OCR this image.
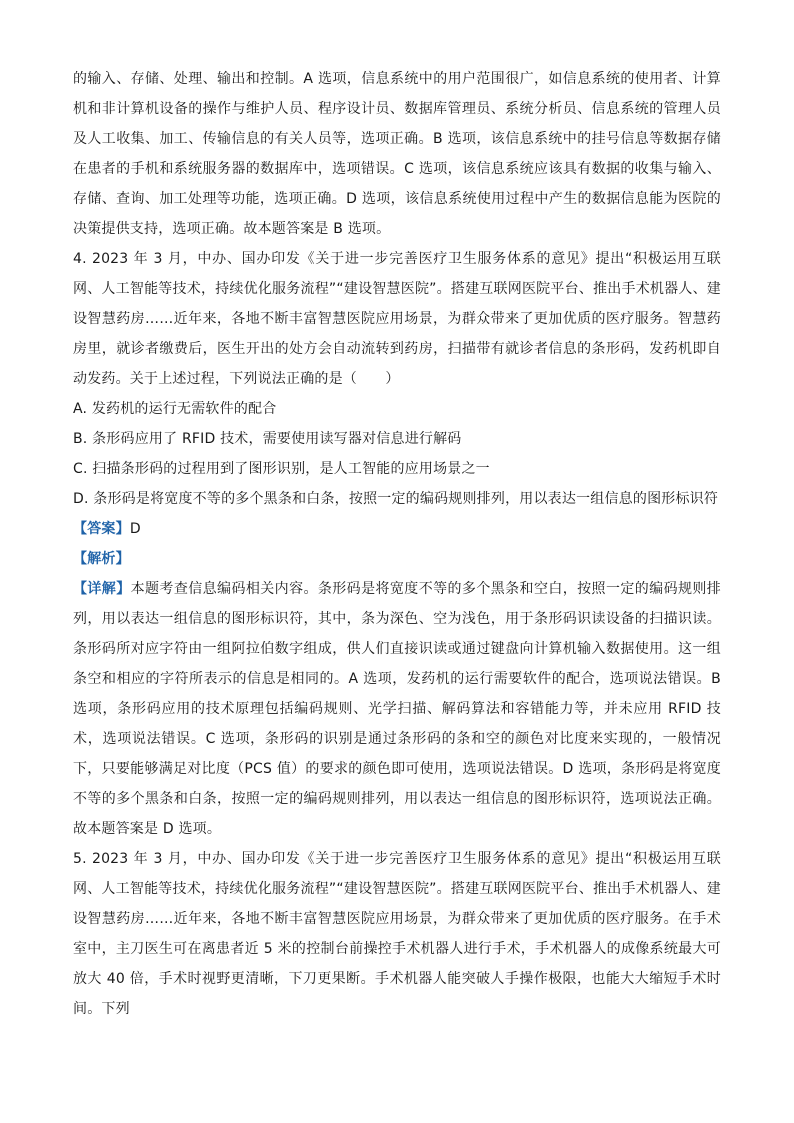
的输入、存储、处理、输出和控制。A 选项，信息系统中的用户范围很广，如信息系统的使用者、计算机和非计算机设备的操作与维护人员、程序设计员、数据库管理员、系统分析员、信息系统的管理人员及人工收集、加工、传输信息的有关人员等，选项正确。B 选项，该信息系统中的挂号信息等数据存储在患者的手机和系统服务器的数据库中，选项错误。C 选项，该信息系统应该具有数据的收集与输入、存储、查询、加工处理等功能，选项正确。D 选项，该信息系统使用过程中产生的数据信息能为医院的决策提供支持，选项正确。故本题答案是 B 选项。

4. 2023 年 3 月，中办、国办印发《关于进一步完善医疗卫生服务体系的意见》提出“积极运用互联网、人工智能等技术，持续优化服务流程”“建设智慧医院”。搭建互联网医院平台、推出手术机器人、建设智慧药房……近年来，各地不断丰富智慧医院应用场景，为群众带来了更加优质的医疗服务。智慧药房里，就诊者缴费后，医生开出的处方会自动流转到药房，扫描带有就诊者信息的条形码，发药机即自动发药。关于上述过程，下列说法正确的是（　　）

A. 发药机的运行无需软件的配合

B. 条形码应用了 RFID 技术，需要使用读写器对信息进行解码

C. 扫描条形码的过程用到了图形识别，是人工智能的应用场景之一

D. 条形码是将宽度不等的多个黑条和白条，按照一定的编码规则排列，用以表达一组信息的图形标识符

【答案】D

【解析】

【详解】本题考查信息编码相关内容。条形码是将宽度不等的多个黑条和空白，按照一定的编码规则排列，用以表达一组信息的图形标识符，其中，条为深色、空为浅色，用于条形码识读设备的扫描识读。条形码所对应字符由一组阿拉伯数字组成，供人们直接识读或通过键盘向计算机输入数据使用。这一组条空和相应的字符所表示的信息是相同的。A 选项，发药机的运行需要软件的配合，选项说法错误。B 选项，条形码应用的技术原理包括编码规则、光学扫描、解码算法和容错能力等，并未应用 RFID 技术，选项说法错误。C 选项，条形码的识别是通过条形码的条和空的颜色对比度来实现的，一般情况下，只要能够满足对比度（PCS 值）的要求的颜色即可使用，选项说法错误。D 选项，条形码是将宽度不等的多个黑条和白条，按照一定的编码规则排列，用以表达一组信息的图形标识符，选项说法正确。故本题答案是 D 选项。

5. 2023 年 3 月，中办、国办印发《关于进一步完善医疗卫生服务体系的意见》提出“积极运用互联网、人工智能等技术，持续优化服务流程”“建设智慧医院”。搭建互联网医院平台、推出手术机器人、建设智慧药房……近年来，各地不断丰富智慧医院应用场景，为群众带来了更加优质的医疗服务。在手术室中，主刀医生可在离患者近 5 米的控制台前操控手术机器人进行手术，手术机器人的成像系统最大可放大 40 倍，手术时视野更清晰，下刀更果断。手术机器人能突破人手操作极限，也能大大缩短手术时间。下列
